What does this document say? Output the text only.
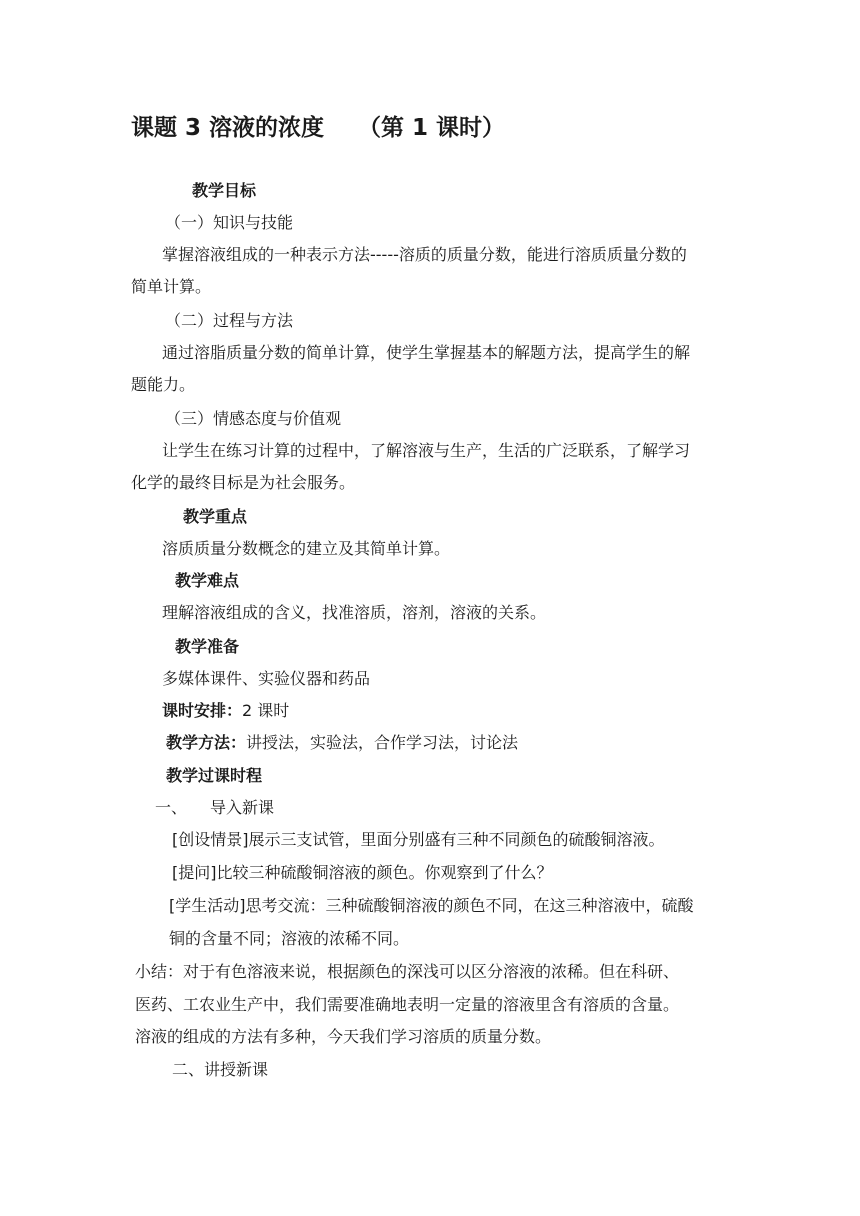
课题 3 溶液的浓度 （第 1 课时）
教学目标
（一）知识与技能
掌握溶液组成的一种表示方法-----溶质的质量分数，能进行溶质质量分数的
简单计算。
（二）过程与方法
通过溶脂质量分数的简单计算，使学生掌握基本的解题方法，提高学生的解
题能力。
（三）情感态度与价值观
让学生在练习计算的过程中，了解溶液与生产，生活的广泛联系，了解学习
化学的最终目标是为社会服务。
教学重点
溶质质量分数概念的建立及其简单计算。
教学难点
理解溶液组成的含义，找准溶质，溶剂，溶液的关系。
教学准备
多媒体课件、实验仪器和药品
课时安排：2 课时
教学方法：讲授法，实验法，合作学习法，讨论法
教学过课时程
一、 导入新课
[创设情景]展示三支试管，里面分别盛有三种不同颜色的硫酸铜溶液。
[提问]比较三种硫酸铜溶液的颜色。你观察到了什么？
[学生活动]思考交流：三种硫酸铜溶液的颜色不同，在这三种溶液中，硫酸
铜的含量不同；溶液的浓稀不同。
小结：对于有色溶液来说，根据颜色的深浅可以区分溶液的浓稀。但在科研、
医药、工农业生产中，我们需要准确地表明一定量的溶液里含有溶质的含量。
溶液的组成的方法有多种，今天我们学习溶质的质量分数。
二、讲授新课
